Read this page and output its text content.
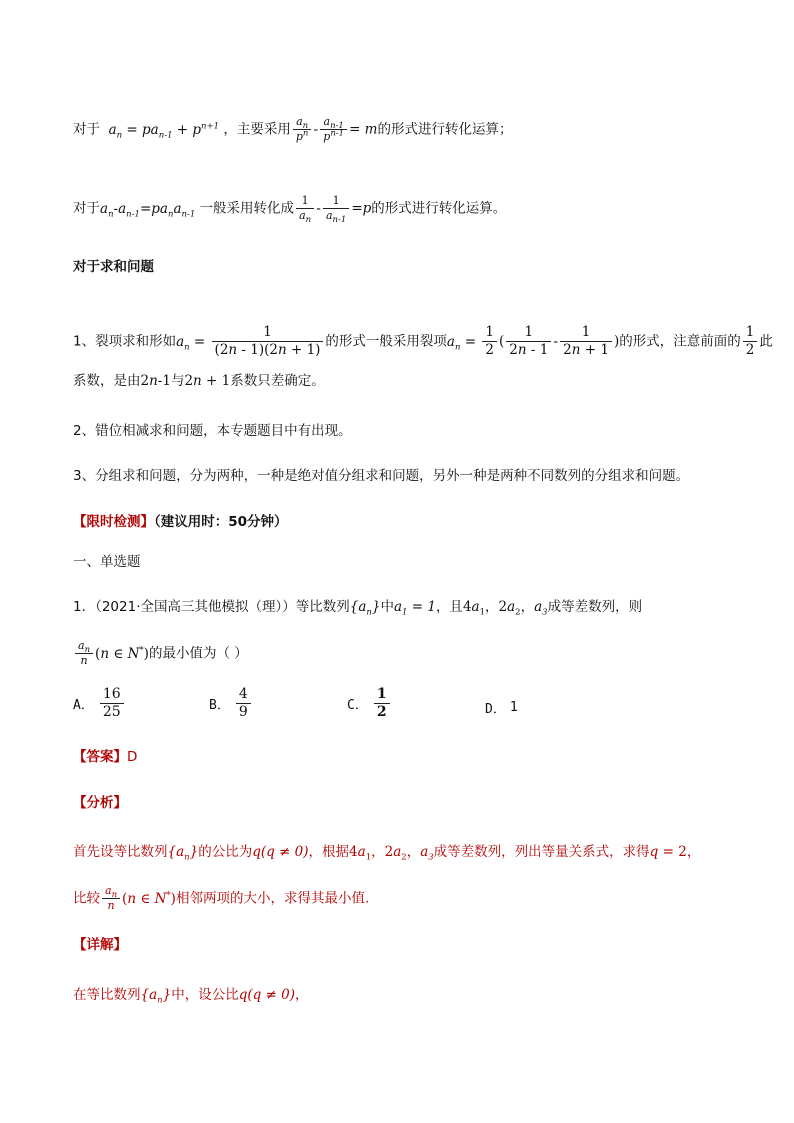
对于 $a_n = pa_{n-1} + p^{n+1}$ ，主要采用 $\frac{a_n}{p^n} - \frac{a_{n-1}}{p^{n-1}} = m$的形式进行转化运算；
对于$a_n-a_{n-1}=pa_na_{n-1}$ 一般采用转化成 $\frac{1}{a_n} - \frac{1}{a_{n-1}} =p$的形式进行转化运算。
对于求和问题
1、裂项求和形如$a_n = \frac{1}{(2n - 1)(2n + 1)}$ 的形式一般采用裂项$a_n = \frac{1}{2}$ ( $\frac{1}{2n - 1} - \frac{1}{2n + 1}$ )的形式，注意前面的 $\frac{1}{2}$ 此
系数，是由2n-1与2n + 1系数只差确定。
2、错位相减求和问题，本专题题目中有出现。
3、分组求和问题，分为两种，一种是绝对值分组求和问题，另外一种是两种不同数列的分组求和问题。
【限时检测】（建议用时：50分钟）
一、单选题
1．（2021·全国高三其他模拟（理））等比数列$\{a_n\}$中$a_1 = 1$，且$4a_1$，$2a_2$，$a_3$成等差数列，则
$\frac{a_n}{n} (n$ ∈ N*)的最小值为（ ）
A． $\frac{16}{25}$	B． $\frac{4}{9}$	C． $\frac{1}{2}$	D． 1
【答案】D
【分析】
首先设等比数列$\{a_n\}$的公比为q(q ≠ 0)，根据$4a_1$，$2a_2$，$a_3$成等差数列，列出等量关系式，求得q = 2，
比较 $\frac{a_n}{n} (n$ ∈ N*)相邻两项的大小，求得其最小值.
【详解】
在等比数列$\{a_n\}$中，设公比q(q ≠ 0)，
